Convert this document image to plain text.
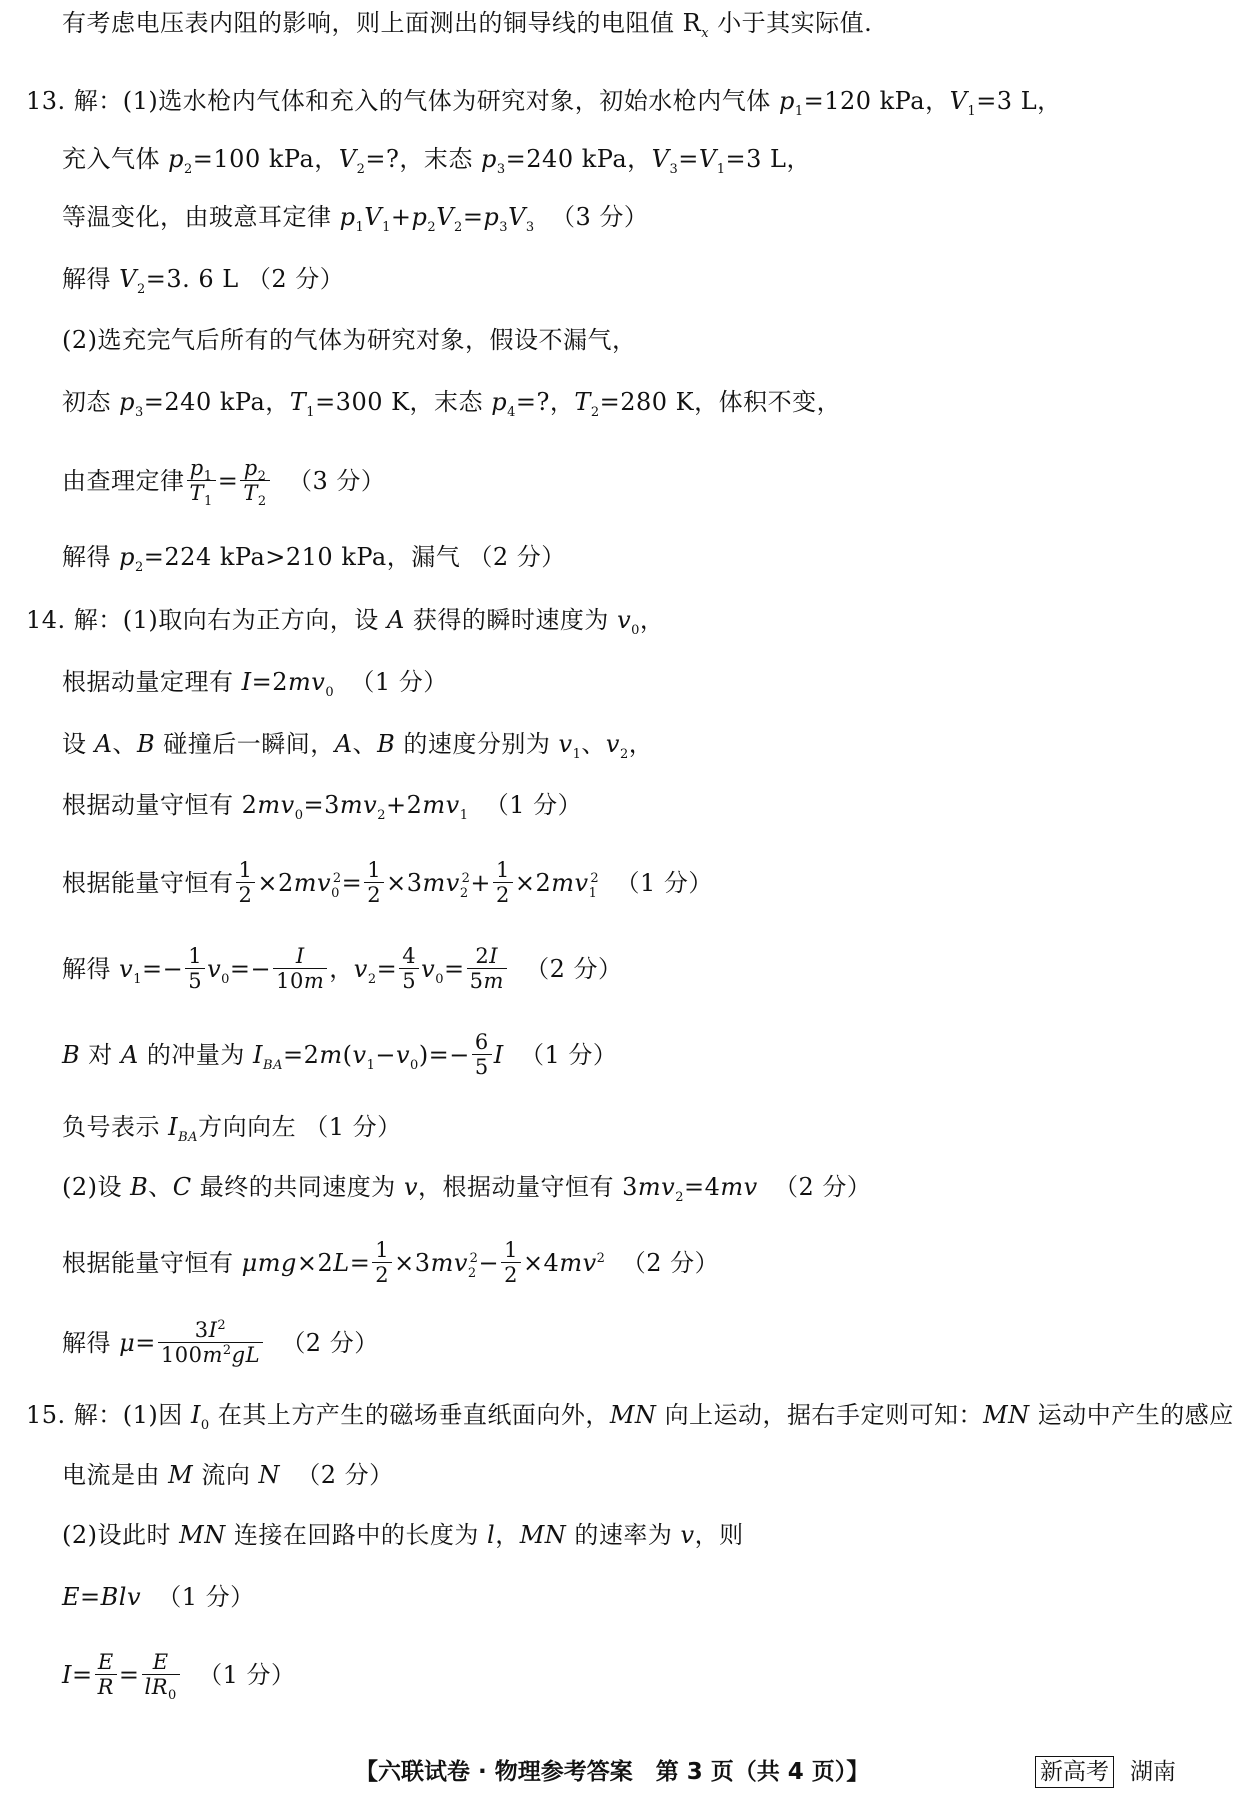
有考虑电压表内阻的影响，则上面测出的铜导线的电阻值 $R_x$ 小于其实际值.
13. 解：(1)选水枪内气体和充入的气体为研究对象，初始水枪内气体 $p_1=120$ kPa，$V_1=3$ L，
充入气体 $p_2=100$ kPa，$V_2=$?，末态 $p_3=240$ kPa，$V_3=V_1=3$ L，
等温变化，由玻意耳定律 $p_1V_1+p_2V_2=p_3V_3$ （3 分）
解得 $V_2=3$. 6 L （2 分）
(2)选充完气后所有的气体为研究对象，假设不漏气，
初态 $p_3=240$ kPa，$T_1=300$ K，末态 $p_4=$?，$T_2=280$ K，体积不变，
由查理定律 $\frac{p_1}{T_1} = \frac{p_2}{T_2} (3$ 分）
解得 $p_2=224$ kPa>210 kPa，漏气 （2 分）
14. 解：(1)取向右为正方向，设 A 获得的瞬时速度为 $v_0$，
根据动量定理有 $I=2mv_0$ （1 分）
设 A、B 碰撞后一瞬间，A、B 的速度分别为 $v_1$、$v_2$，
根据动量守恒有 $2mv_0=3mv_2+2mv_1$ （1 分）
根据能量守恒有 $\frac{1}{2} \times 2mv_0^2= \frac{1}{2} \times 3mv_2^2+ \frac{1}{2} \times 2mv_1^2$ （1 分）
解得 $v_1=- \frac{1}{5} v_0=- \frac{I}{10m}$ ，$v_2= \frac{4}{5} v_0= \frac{2I}{5m} (2$ 分）
B 对 A 的冲量为 $I_{BA}=2m(v_1-v_0)=- \frac{6}{5}$ I （1 分）
负号表示 $I_{BA}$方向向左 （1 分）
(2)设 B、C 最终的共同速度为 v，根据动量守恒有 $3mv_2=4mv$ （2 分）
根据能量守恒有 $\mu mg\times 2L= \frac{1}{2} \times 3mv_2^2- \frac{1}{2} \times 4mv^2$ （2 分）
解得 $\mu= \frac{3I^2}{100m^2gL} (2$ 分）
15. 解：(1)因 $I_0$ 在其上方产生的磁场垂直纸面向外，MN 向上运动，据右手定则可知：MN 运动中产生的感应
电流是由 M 流向 N （2 分）
(2)设此时 MN 连接在回路中的长度为 l，MN 的速率为 v，则
E=Blv （1 分）
$I= \frac{E}{R} = \frac{E}{lR_0} (1$ 分）
【六联试卷 · 物理参考答案　第 3 页（共 4 页）】	新高考 湖南
